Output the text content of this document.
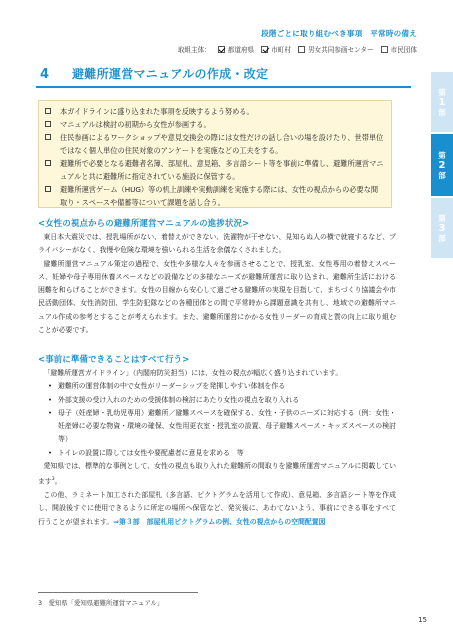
段階ごとに取り組むべき事項　平常時の備え
取組主体：	都道府県	市町村	男女共同参画センター	市民団体
4	避難所運営マニュアルの作成・改定
本ガイドラインに盛り込まれた事項を反映するよう努める。
マニュアルは検討の初期から女性が参画する。
住民参画によるワークショップや意見交換会の際には女性だけの話し合いの場を設けたり、世帯単位ではなく個人単位の住民対象のアンケートを実施などの工夫をする。
避難所で必要となる避難者名簿、部屋札、意見箱、多言語シート等を事前に準備し、避難所運営マニュアルと共に避難所に指定されている施設に保管する。
避難所運営ゲーム（HUG）等の机上訓練や実動訓練を実施する際には、女性の視点からの必要な間取り・スペースや備蓄等について課題を話し合う。
<女性の視点からの避難所運営マニュアルの進捗状況>

東日本大震災では、授乳場所がない、着替えができない、洗濯物が干せない、見知らぬ人の横で就寝するなど、プライバシーがなく、我慢や危険な環境を強いられる生活を余儀なくされました。

避難所運営マニュアル策定の過程で、女性や多様な人々を参画させることで、授乳室、女性専用の着替えスペース、妊婦や母子専用休養スペースなどの設備などの多様なニーズが避難所運営に取り込まれ、避難所生活における困難を和らげることができます。女性の目線から安心して過ごせる避難所の実現を目指して、まちづくり協議会や市民活動団体、女性消防団、学生防犯隊などの各種団体との間で平常時から課題意識を共有し、地域での避難所マニュアル作成の参考とすることが考えられます。また、避難所運営にかかる女性リーダーの育成と質の向上に取り組むことが必要です。

<事前に準備できることはすべて行う>

「避難所運営ガイドライン」（内閣府防災担当）には、女性の視点が幅広く盛り込まれています。

• 避難所の運営体制の中で女性がリーダーシップを発揮しやすい体制を作る
• 外部支援の受け入れのための受援体制の検討にあたり女性の視点を取り入れる
• 母子（妊産婦・乳幼児専用）避難所／避難スペースを確保する、女性・子供のニーズに対応する（例：女性・妊産婦に必要な物資・環境の確保、女性用更衣室・授乳室の設置、母子避難スペース・キッズスペースの検討等）
• トイレの設置に際しては女性や要配慮者に意見を求める　等

愛知県では、標準的な事例として、女性の視点も取り入れた避難所の間取りを避難所運営マニュアルに掲載しています$^3$。

この他、ラミネート加工された部屋札（多言語、ピクトグラムを活用して作成）、意見箱、多言語シート等を作成し、開設後すぐに使用できるように所定の場所へ保管など、発災後に、あわてないよう、事前にできる事をすべて行うことが望まれます。⇒第３部　部屋札用ピクトグラムの例、女性の視点からの空間配置図

3　 愛知県「愛知県避難所運営マニュアル」
15
第
1
部
第
2
部
第
3
部
